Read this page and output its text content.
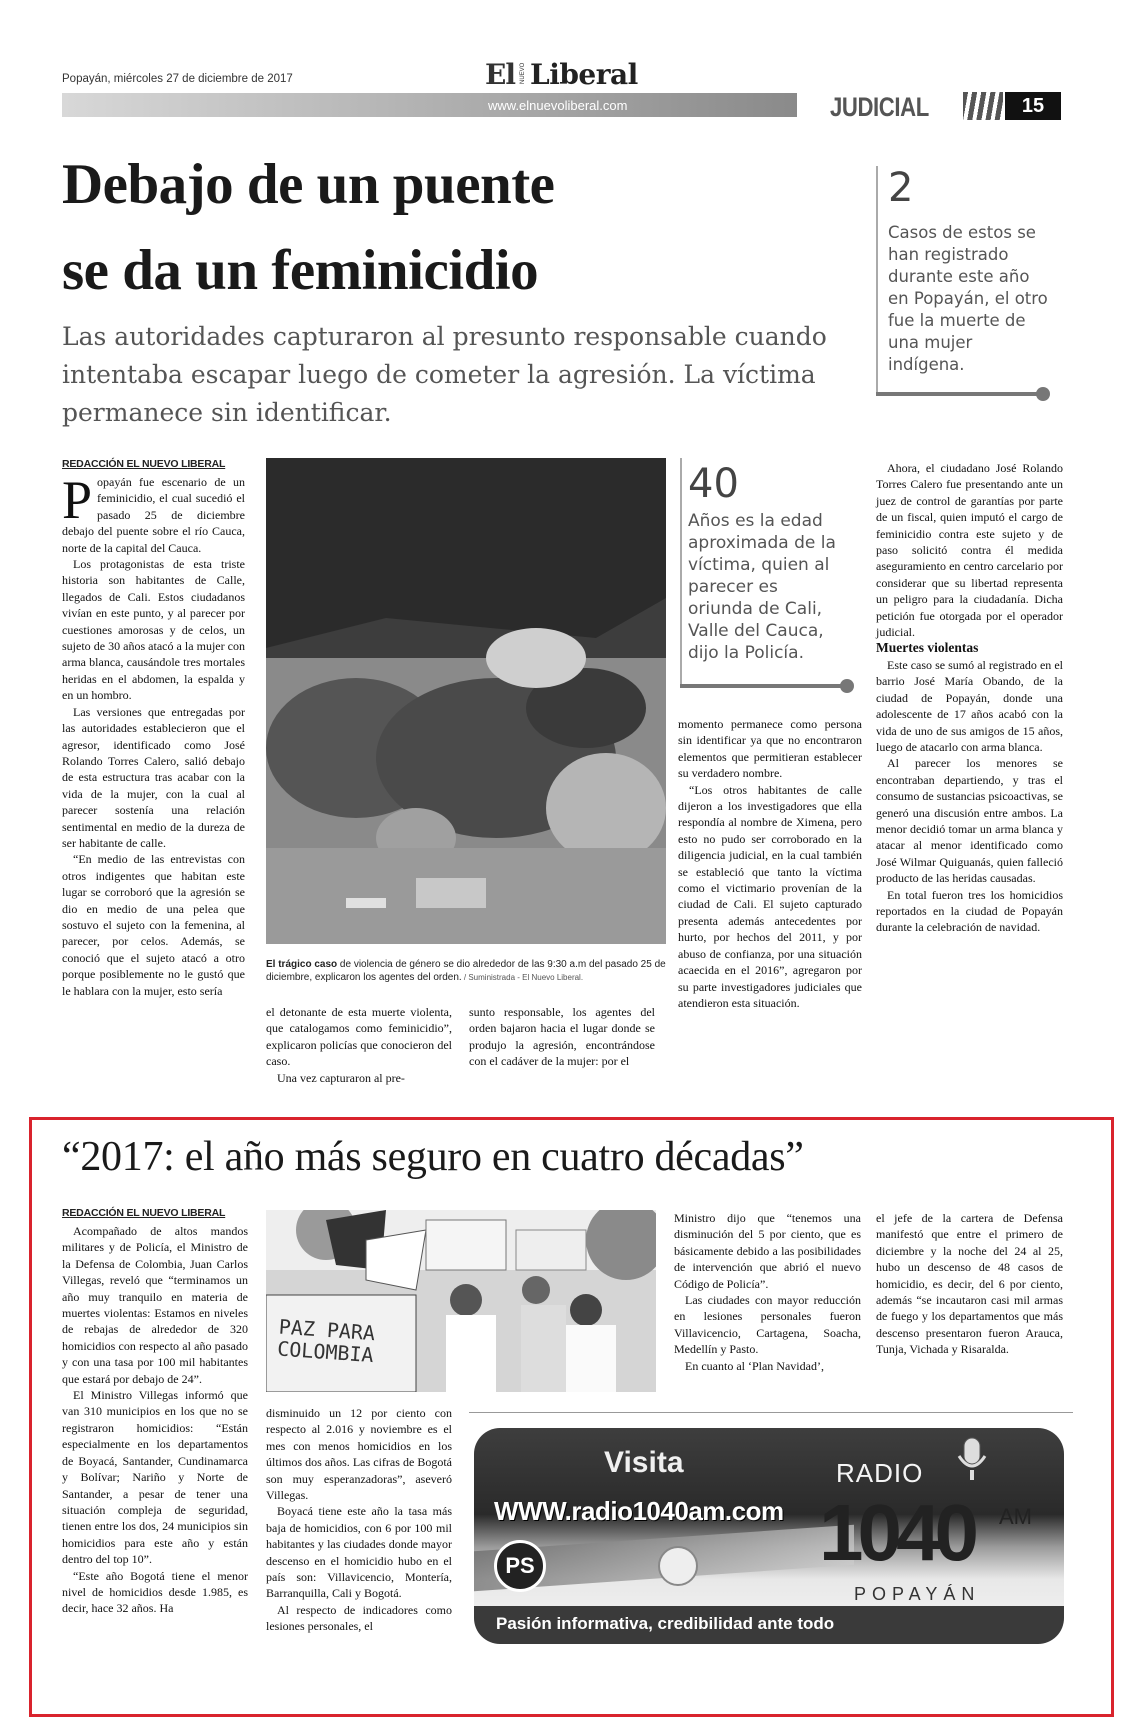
Popayán, miércoles 27 de diciembre de 2017	El NUEVO Liberal
www.elnuevoliberal.com	JUDICIAL	15
Debajo de un puente
se da un feminicidio
Las autoridades capturaron al presunto responsable cuando intentaba escapar luego de cometer la agresión. La víctima permanece sin identificar.
2
Casos de estos se han registrado durante este año en Popayán, el otro fue la muerte de una mujer indígena.
REDACCIÓN EL NUEVO LIBERAL

Popayán fue escenario de un feminicidio, el cual sucedió el pasado 25 de diciembre debajo del puente sobre el río Cauca, norte de la capital del Cauca.

Los protagonistas de esta triste historia son habitantes de Calle, llegados de Cali. Estos ciudadanos vivían en este punto, y al parecer por cuestiones amorosas y de celos, un sujeto de 30 años atacó a la mujer con arma blanca, causándole tres mortales heridas en el abdomen, la espalda y en un hombro.

Las versiones que entregadas por las autoridades establecieron que el agresor, identificado como José Rolando Torres Calero, salió debajo de esta estructura tras acabar con la vida de la mujer, con la cual al parecer sostenía una relación sentimental en medio de la dureza de ser habitante de calle.

“En medio de las entrevistas con otros indigentes que habitan este lugar se corroboró que la agresión se dio en medio de una pelea que sostuvo el sujeto con la femenina, al parecer, por celos. Además, se conoció que el sujeto atacó a otro porque posiblemente no le gustó que le hablara con la mujer, esto sería

El trágico caso de violencia de género se dio alrededor de las 9:30 a.m del pasado 25 de diciembre, explicaron los agentes del orden. / Suministrada - El Nuevo Liberal.

el detonante de esta muerte violenta, que catalogamos como feminicidio”, explicaron policías que conocieron del caso.

Una vez capturaron al pre-

sunto responsable, los agentes del orden bajaron hacia el lugar donde se produjo la agresión, encontrándose con el cadáver de la mujer: por el

40
Años es la edad aproximada de la víctima, quien al parecer es oriunda de Cali, Valle del Cauca, dijo la Policía.

momento permanece como persona sin identificar ya que no encontraron elementos que permitieran establecer su verdadero nombre.

“Los otros habitantes de calle dijeron a los investigadores que ella respondía al nombre de Ximena, pero esto no pudo ser corroborado en la diligencia judicial, en la cual también se estableció que tanto la víctima como el victimario provenían de la ciudad de Cali. El sujeto capturado presenta además antecedentes por hurto, por hechos del 2011, y por abuso de confianza, por una situación acaecida en el 2016”, agregaron por su parte investigadores judiciales que atendieron esta situación.

Ahora, el ciudadano José Rolando Torres Calero fue presentando ante un juez de control de garantías por parte de un fiscal, quien imputó el cargo de feminicidio contra este sujeto y de paso solicitó contra él medida aseguramiento en centro carcelario por considerar que su libertad representa un peligro para la ciudadanía. Dicha petición fue otorgada por el operador judicial.

Muertes violentas

Este caso se sumó al registrado en el barrio José María Obando, de la ciudad de Popayán, donde una adolescente de 17 años acabó con la vida de uno de sus amigos de 15 años, luego de atacarlo con arma blanca.

Al parecer los menores se encontraban departiendo, y tras el consumo de sustancias psicoactivas, se generó una discusión entre ambos. La menor decidió tomar un arma blanca y atacar al menor identificado como José Wilmar Quiguanás, quien falleció producto de las heridas causadas.

En total fueron tres los homicidios reportados en la ciudad de Popayán durante la celebración de navidad.

“2017: el año más seguro en cuatro décadas”
REDACCIÓN EL NUEVO LIBERAL

Acompañado de altos mandos militares y de Policía, el Ministro de la Defensa de Colombia, Juan Carlos Villegas, reveló que “terminamos un año muy tranquilo en materia de muertes violentas: Estamos en niveles de rebajas de alrededor de 320 homicidios con respecto al año pasado y con una tasa por 100 mil habitantes que estará por debajo de 24”.

El Ministro Villegas informó que van 310 municipios en los que no se registraron homicidios: “Están especialmente en los departamentos de Boyacá, Santander, Cundinamarca y Bolívar; Nariño y Norte de Santander, a pesar de tener una situación compleja de seguridad, tienen entre los dos, 24 municipios sin homicidios para este año y están dentro del top 10”.

“Este año Bogotá tiene el menor nivel de homicidios desde 1.985, es decir, hace 32 años. Ha

PAZ PARA COLOMBIA

disminuido un 12 por ciento con respecto al 2.016 y noviembre es el mes con menos homicidios en los últimos dos años. Las cifras de Bogotá son muy esperanzadoras”, aseveró Villegas.

Boyacá tiene este año la tasa más baja de homicidios, con 6 por 100 mil habitantes y las ciudades donde mayor descenso en el homicidio hubo en el país son: Villavicencio, Montería, Barranquilla, Cali y Bogotá.

Al respecto de indicadores como lesiones personales, el

Ministro dijo que “tenemos una disminución del 5 por ciento, que es básicamente debido a las posibilidades de intervención que abrió el nuevo Código de Policía”.

Las ciudades con mayor reducción en lesiones personales fueron Villavicencio, Cartagena, Soacha, Medellín y Pasto.

En cuanto al ‘Plan Navidad’,

el jefe de la cartera de Defensa manifestó que entre el primero de diciembre y la noche del 24 al 25, hubo un descenso de 48 casos de homicidio, es decir, del 6 por ciento, además “se incautaron casi mil armas de fuego y los departamentos que más descenso presentaron fueron Arauca, Tunja, Vichada y Risaralda.

Visita
WWW.radio1040am.com
RADIO
1040 AM
POPAYÁN
PS
Pasión informativa, credibilidad ante todo
